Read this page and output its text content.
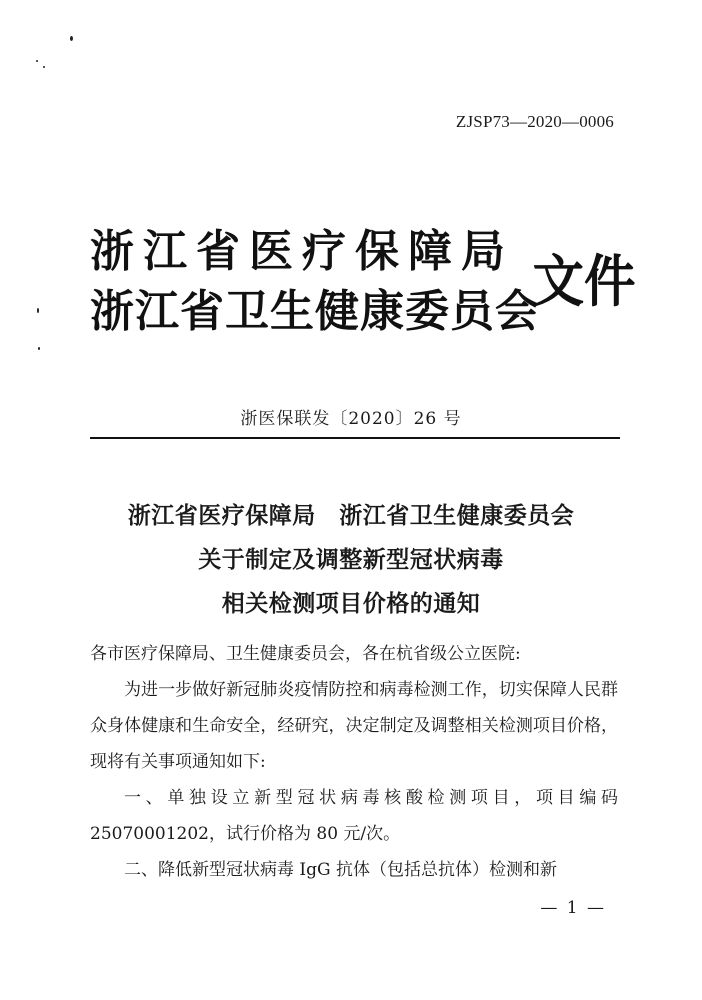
ZJSP73—2020—0006
浙江省医疗保障局
浙江省卫生健康委员会
文件
浙医保联发〔2020〕26 号
浙江省医疗保障局　浙江省卫生健康委员会
关于制定及调整新型冠状病毒
相关检测项目价格的通知

各市医疗保障局、卫生健康委员会，各在杭省级公立医院:

为进一步做好新冠肺炎疫情防控和病毒检测工作，切实保障人民群众身体健康和生命安全，经研究，决定制定及调整相关检测项目价格，现将有关事项通知如下:

一、单独设立新型冠状病毒核酸检测项目，项目编码25070001202，试行价格为 80 元/次。

二、降低新型冠状病毒 IgG 抗体（包括总抗体）检测和新

— 1 —
